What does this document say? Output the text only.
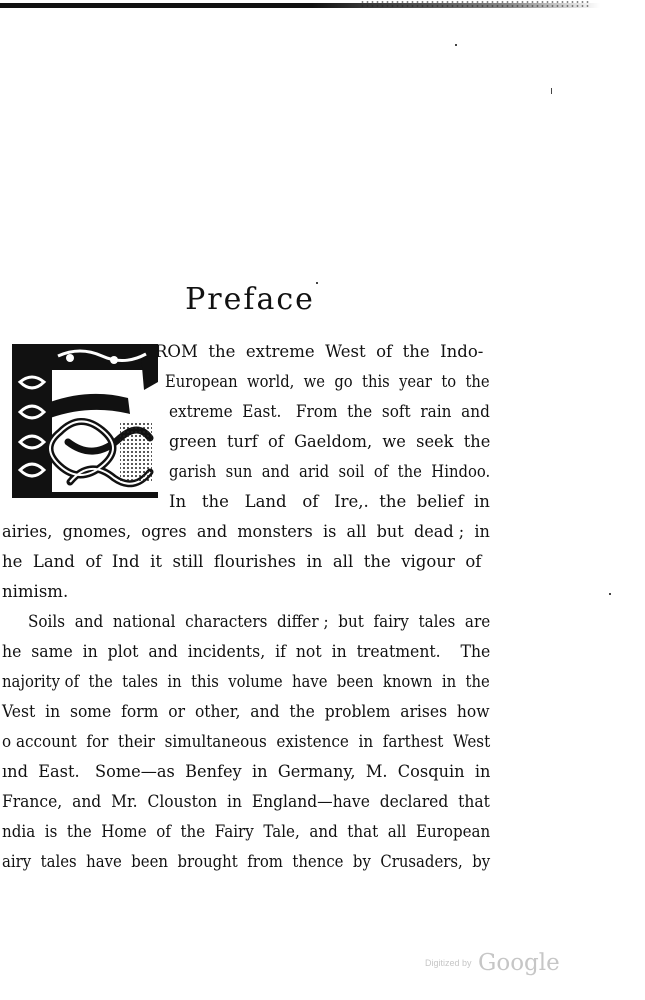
Preface
ROM  the  extreme  West  of  the  Indo-
European  world,  we  go  this  year  to  the
extreme  East.   From  the  soft  rain  and
green  turf  of  Gaeldom,  we  seek  the
garish  sun  and  arid  soil  of  the  Hindoo.
In   the   Land   of   Ire,.  the  belief  in
airies,  gnomes,  ogres  and  monsters  is  all  but  dead ;  in
he  Land  of  Ind  it  still  flourishes  in  all  the  vigour  of
nimism.
Soils  and  national  characters  differ ;  but  fairy  tales  are
he  same  in  plot  and  incidents,  if  not  in  treatment.    The
najority of  the  tales  in  this  volume  have  been  known  in  the
Vest  in  some  form  or  other,  and  the  problem  arises  how
o account  for  their  simultaneous  existence  in  farthest  West
ınd  East.   Some—as  Benfey  in  Germany,  M.  Cosquin  in
France,  and  Mr.  Clouston  in  England—have  declared  that
ndia  is  the  Home  of  the  Fairy  Tale,  and  that  all  European
airy  tales  have  been  brought  from  thence  by  Crusaders,  by
Digitized by Google
